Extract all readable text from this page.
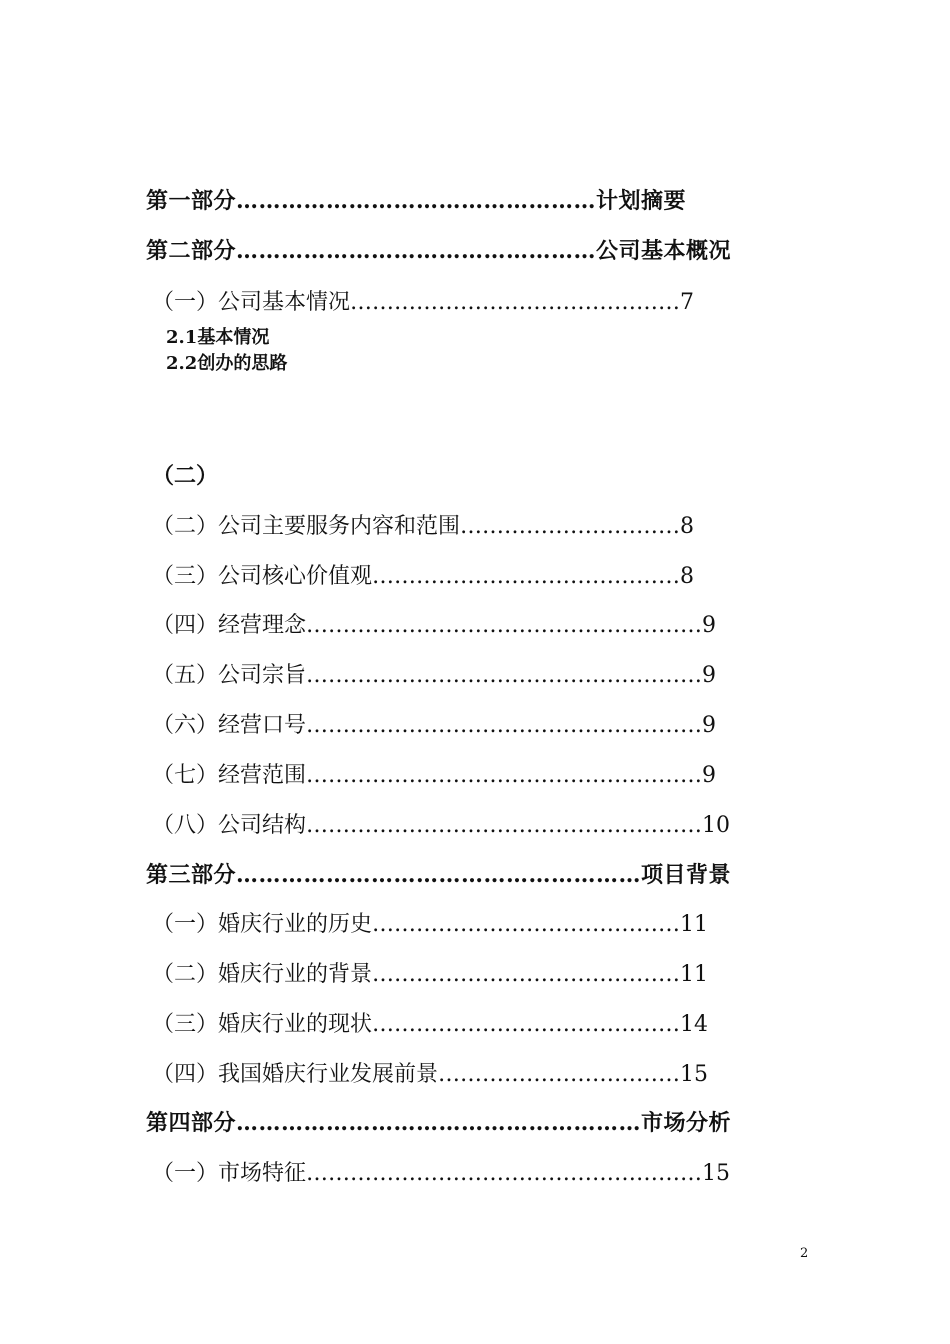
第一部分…………………………………………计划摘要
第二部分…………………………………………公司基本概况
（一）公司基本情况………………………………………7
2.1基本情况
2.2创办的思路
（二）
（二）公司主要服务内容和范围…………………………8
（三）公司核心价值观……………………………………8
（四）经营理念………………………………………………9
（五）公司宗旨………………………………………………9
（六）经营口号………………………………………………9
（七）经营范围………………………………………………9
（八）公司结构………………………………………………10
第三部分………………………………………………项目背景
（一）婚庆行业的历史……………………………………11
（二）婚庆行业的背景……………………………………11
（三）婚庆行业的现状……………………………………14
（四）我国婚庆行业发展前景……………………………15
第四部分………………………………………………市场分析
（一）市场特征………………………………………………15
2
